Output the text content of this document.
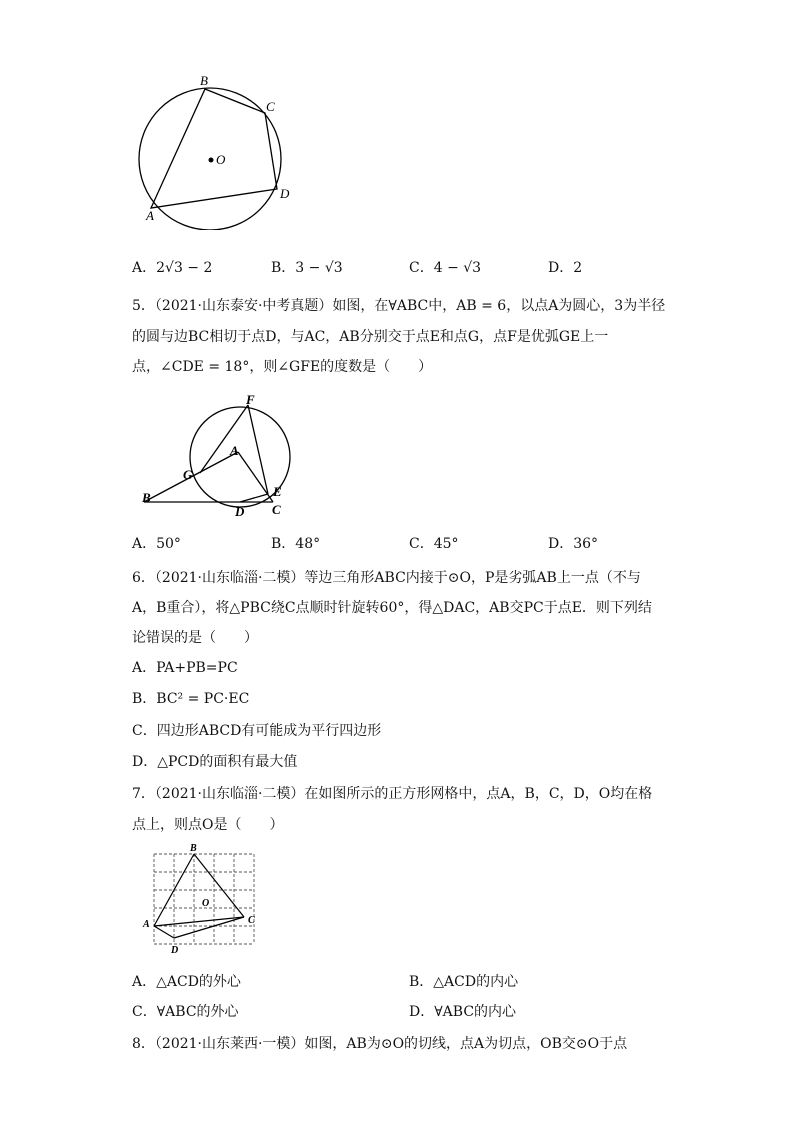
B
C
O
D
A
A．2√3 − 2	B．3 − √3	C．4 − √3	D．2
5．（2021·山东泰安·中考真题）如图，在∀ABC中，AB = 6，以点A为圆心，3为半径
的圆与边BC相切于点D，与AC，AB分别交于点E和点G，点F是优弧GE上一
点，∠CDE = 18°，则∠GFE的度数是（　　）
F
A
G
B	E
D C
A．50°	B．48°	C．45°	D．36°
6．（2021·山东临淄·二模）等边三角形ABC内接于⊙O，P是劣弧AB上一点（不与
A，B重合），将△PBC绕C点顺时针旋转60°，得△DAC，AB交PC于点E．则下列结
论错误的是（　　）
A．PA+PB=PC
B．BC² = PC·EC
C．四边形ABCD有可能成为平行四边形
D．△PCD的面积有最大值
7．（2021·山东临淄·二模）在如图所示的正方形网格中，点A，B，C，D，O均在格
点上，则点O是（　　）
B
O
A	C
D
A．△ACD的外心	B．△ACD的内心
C．∀ABC的外心	D．∀ABC的内心
8．（2021·山东莱西·一模）如图，AB为⊙O的切线，点A为切点，OB交⊙O于点
